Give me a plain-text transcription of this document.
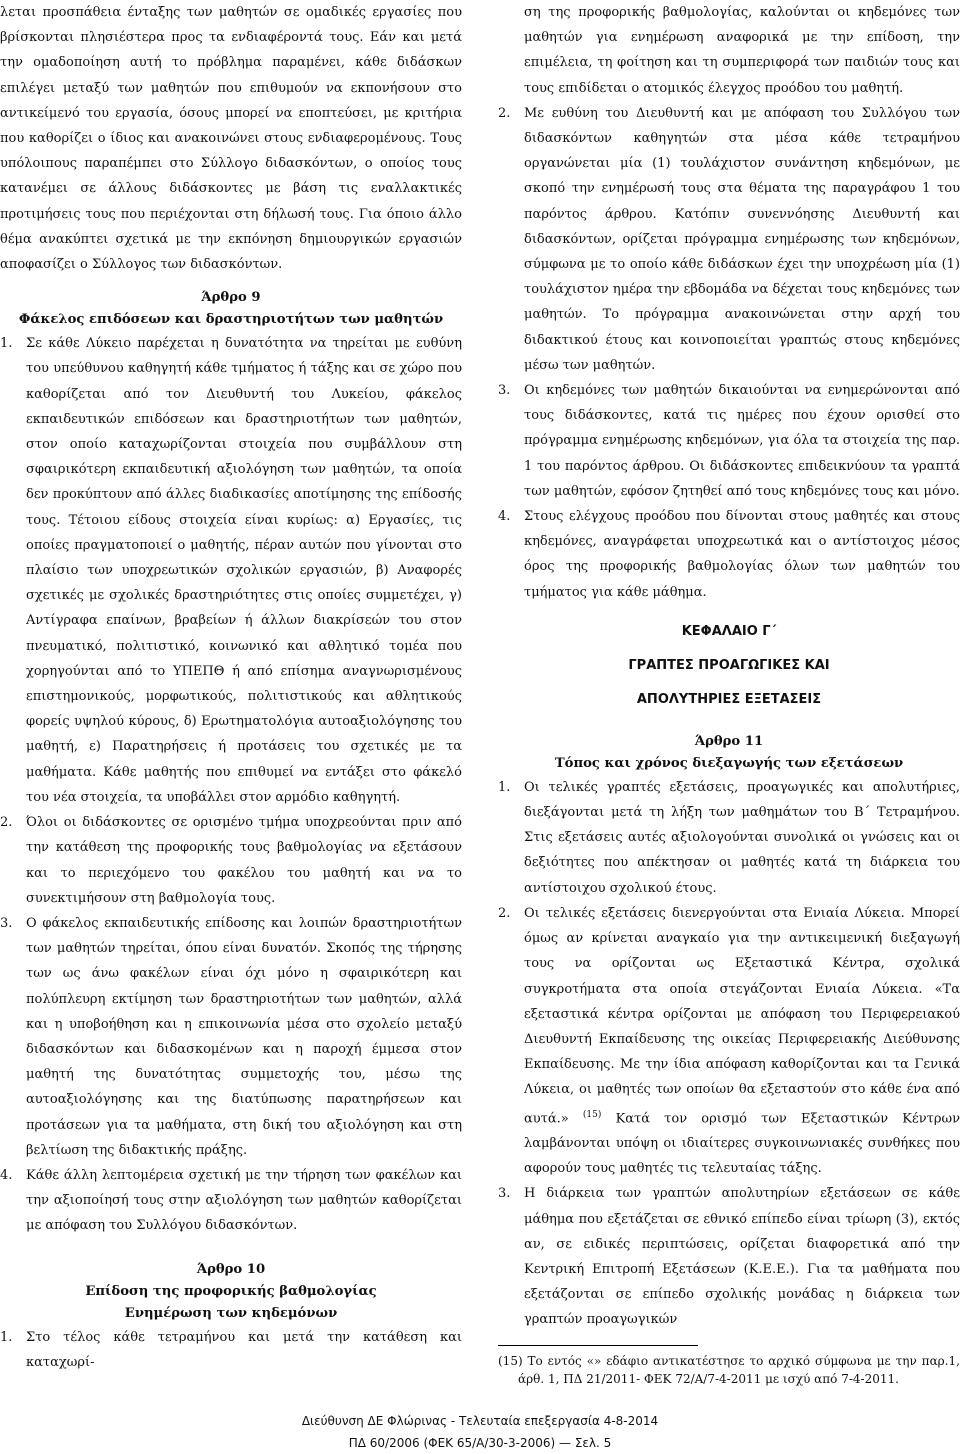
λεται προσπάθεια ένταξης των μαθητών σε ομαδικές εργασίες που βρίσκονται πλησιέστερα προς τα ενδιαφέροντά τους. Εάν και μετά την ομαδοποίηση αυτή το πρόβλημα παραμένει, κάθε διδάσκων επιλέγει μεταξύ των μαθητών που επιθυμούν να εκπονήσουν στο αντικείμενό του εργασία, όσους μπορεί να εποπτεύσει, με κριτήρια που καθορίζει ο ίδιος και ανακοινώνει στους ενδιαφερομένους. Τους υπόλοιπους παραπέμπει στο Σύλλογο διδασκόντων, ο οποίος τους κατανέμει σε άλλους διδάσκοντες με βάση τις εναλλακτικές προτιμήσεις τους που περιέχονται στη δήλωσή τους. Για όποιο άλλο θέμα ανακύπτει σχετικά με την εκπόνηση δημιουργικών εργασιών αποφασίζει ο Σύλλογος των διδασκόντων.

Άρθρο 9

Φάκελος επιδόσεων και δραστηριοτήτων των μαθητών

1.	Σε κάθε Λύκειο παρέχεται η δυνατότητα να τηρείται με ευθύνη του υπεύθυνου καθηγητή κάθε τμήματος ή τάξης και σε χώρο που καθορίζεται από τον Διευθυντή του Λυκείου, φάκελος εκπαιδευτικών επιδόσεων και δραστηριοτήτων των μαθητών, στον οποίο καταχωρίζονται στοιχεία που συμβάλλουν στη σφαιρικότερη εκπαιδευτική αξιολόγηση των μαθητών, τα οποία δεν προκύπτουν από άλλες διαδικασίες αποτίμησης της επίδοσής τους. Τέτοιου είδους στοιχεία είναι κυρίως: α) Εργασίες, τις οποίες πραγματοποιεί ο μαθητής, πέραν αυτών που γίνονται στο πλαίσιο των υποχρεωτικών σχολικών εργασιών, β) Αναφορές σχετικές με σχολικές δραστηριότητες στις οποίες συμμετέχει, γ) Αντίγραφα επαίνων, βραβείων ή άλλων διακρίσεών του στον πνευματικό, πολιτιστικό, κοινωνικό και αθλητικό τομέα που χορηγούνται από το ΥΠΕΠΘ ή από επίσημα αναγνωρισμένους επιστημονικούς, μορφωτικούς, πολιτιστικούς και αθλητικούς φορείς υψηλού κύρους, δ) Ερωτηματολόγια αυτοαξιολόγησης του μαθητή, ε) Παρατηρήσεις ή προτάσεις του σχετικές με τα μαθήματα. Κάθε μαθητής που επιθυμεί να εντάξει στο φάκελό του νέα στοιχεία, τα υποβάλλει στον αρμόδιο καθηγητή.
2.	Όλοι οι διδάσκοντες σε ορισμένο τμήμα υποχρεούνται πριν από την κατάθεση της προφορικής τους βαθμολογίας να εξετάσουν και το περιεχόμενο του φακέλου του μαθητή και να το συνεκτιμήσουν στη βαθμολογία τους.
3.	Ο φάκελος εκπαιδευτικής επίδοσης και λοιπών δραστηριοτήτων των μαθητών τηρείται, όπου είναι δυνατόν. Σκοπός της τήρησης των ως άνω φακέλων είναι όχι μόνο η σφαιρικότερη και πολύπλευρη εκτίμηση των δραστηριοτήτων των μαθητών, αλλά και η υποβοήθηση και η επικοινωνία μέσα στο σχολείο μεταξύ διδασκόντων και διδασκομένων και η παροχή έμμεσα στον μαθητή της δυνατότητας συμμετοχής του, μέσω της αυτοαξιολόγησης και της διατύπωσης παρατηρήσεων και προτάσεων για τα μαθήματα, στη δική του αξιολόγηση και στη βελτίωση της διδακτικής πράξης.
4.	Κάθε άλλη λεπτομέρεια σχετική με την τήρηση των φακέλων και την αξιοποίησή τους στην αξιολόγηση των μαθητών καθορίζεται με απόφαση του Συλλόγου διδασκόντων.

Άρθρο 10

Επίδοση της προφορικής βαθμολογίας

Ενημέρωση των κηδεμόνων

1.	Στο τέλος κάθε τετραμήνου και μετά την κατάθεση και καταχωρί-

ση της προφορικής βαθμολογίας, καλούνται οι κηδεμόνες των μαθητών για ενημέρωση αναφορικά με την επίδοση, την επιμέλεια, τη φοίτηση και τη συμπεριφορά των παιδιών τους και τους επιδίδεται ο ατομικός έλεγχος προόδου του μαθητή.

2.	Με ευθύνη του Διευθυντή και με απόφαση του Συλλόγου των διδασκόντων καθηγητών στα μέσα κάθε τετραμήνου οργανώνεται μία (1) τουλάχιστον συνάντηση κηδεμόνων, με σκοπό την ενημέρωσή τους στα θέματα της παραγράφου 1 του παρόντος άρθρου. Κατόπιν συνεννόησης Διευθυντή και διδασκόντων, ορίζεται πρόγραμμα ενημέρωσης των κηδεμόνων, σύμφωνα με το οποίο κάθε διδάσκων έχει την υποχρέωση μία (1) τουλάχιστον ημέρα την εβδομάδα να δέχεται τους κηδεμόνες των μαθητών. Το πρόγραμμα ανακοινώνεται στην αρχή του διδακτικού έτους και κοινοποιείται γραπτώς στους κηδεμόνες μέσω των μαθητών.
3.	Οι κηδεμόνες των μαθητών δικαιούνται να ενημερώνονται από τους διδάσκοντες, κατά τις ημέρες που έχουν ορισθεί στο πρόγραμμα ενημέρωσης κηδεμόνων, για όλα τα στοιχεία της παρ. 1 του παρόντος άρθρου. Οι διδάσκοντες επιδεικνύουν τα γραπτά των μαθητών, εφόσον ζητηθεί από τους κηδεμόνες τους και μόνο.
4.	Στους ελέγχους προόδου που δίνονται στους μαθητές και στους κηδεμόνες, αναγράφεται υποχρεωτικά και ο αντίστοιχος μέσος όρος της προφορικής βαθμολογίας όλων των μαθητών του τμήματος για κάθε μάθημα.

ΚΕΦΑΛΑΙΟ Γ΄

ΓΡΑΠΤΕΣ ΠΡΟΑΓΩΓΙΚΕΣ ΚΑΙ

ΑΠΟΛΥΤΗΡΙΕΣ ΕΞΕΤΑΣΕΙΣ

Άρθρο 11

Τόπος και χρόνος διεξαγωγής των εξετάσεων

1.	Οι τελικές γραπτές εξετάσεις, προαγωγικές και απολυτήριες, διεξάγονται μετά τη λήξη των μαθημάτων του Β΄ Τετραμήνου. Στις εξετάσεις αυτές αξιολογούνται συνολικά οι γνώσεις και οι δεξιότητες που απέκτησαν οι μαθητές κατά τη διάρκεια του αντίστοιχου σχολικού έτους.
2.	Οι τελικές εξετάσεις διενεργούνται στα Ενιαία Λύκεια. Μπορεί όμως αν κρίνεται αναγκαίο για την αντικειμενική διεξαγωγή τους να ορίζονται ως Εξεταστικά Κέντρα, σχολικά συγκροτήματα στα οποία στεγάζονται Ενιαία Λύκεια. «Τα εξεταστικά κέντρα ορίζονται με απόφαση του Περιφερειακού Διευθυντή Εκπαίδευσης της οικείας Περιφερειακής Διεύθυνσης Εκπαίδευσης. Με την ίδια απόφαση καθορίζονται και τα Γενικά Λύκεια, οι μαθητές των οποίων θα εξεταστούν στο κάθε ένα από αυτά.» $^{(15)}$ Κατά τον ορισμό των Εξεταστικών Κέντρων λαμβάνονται υπόψη οι ιδιαίτερες συγκοινωνιακές συνθήκες που αφορούν τους μαθητές τις τελευταίας τάξης.
3.	Η διάρκεια των γραπτών απολυτηρίων εξετάσεων σε κάθε μάθημα που εξετάζεται σε εθνικό επίπεδο είναι τρίωρη (3), εκτός αν, σε ειδικές περιπτώσεις, ορίζεται διαφορετικά από την Κεντρική Επιτροπή Εξετάσεων (Κ.Ε.Ε.). Για τα μαθήματα που εξετάζονται σε επίπεδο σχολικής μονάδας η διάρκεια των γραπτών προαγωγικών

(15) Το εντός «» εδάφιο αντικατέστησε το αρχικό σύμφωνα με την παρ.1, άρθ. 1, ΠΔ 21/2011- ΦΕΚ 72/Α/7-4-2011 με ισχύ από 7-4-2011.

Διεύθυνση ΔΕ Φλώρινας - Τελευταία επεξεργασία 4-8-2014
ΠΔ 60/2006 (ΦΕΚ 65/Α/30-3-2006) — Σελ. 5
